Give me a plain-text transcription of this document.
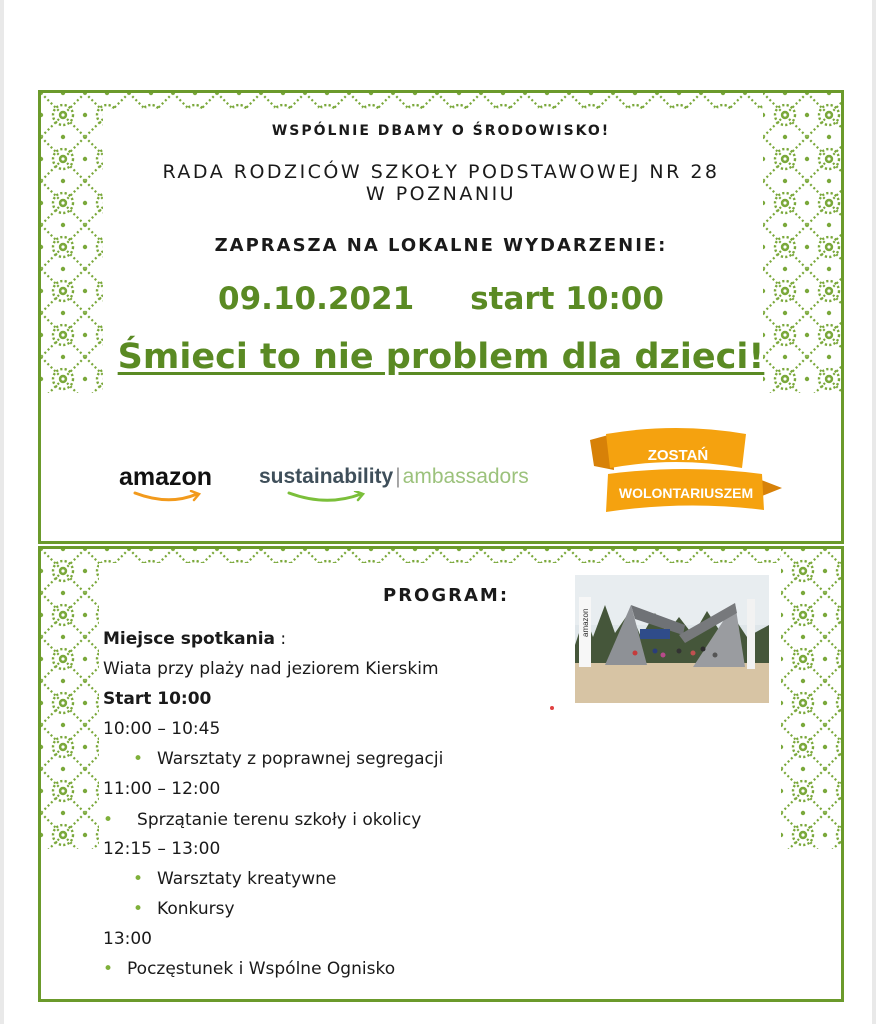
WSPÓLNIE DBAMY O ŚRODOWISKO!
RADA RODZICÓW SZKOŁY PODSTAWOWEJ NR 28
W POZNANIU
ZAPRASZA NA LOKALNE WYDARZENIE:
09.10.2021 start 10:00
Śmieci to nie problem dla dzieci!
amazon sustainability|ambassadors
ZOSTAŃ
WOLONTARIUSZEM
PROGRAM:
amazon
Miejsce spotkania :
Wiata przy plaży nad jeziorem Kierskim
Start 10:00
10:00 – 10:45
• Warsztaty z poprawnej segregacji
11:00 – 12:00
• Sprzątanie terenu szkoły i okolicy
12:15 – 13:00
• Warsztaty kreatywne
• Konkursy
13:00
• Poczęstunek i Wspólne Ognisko
